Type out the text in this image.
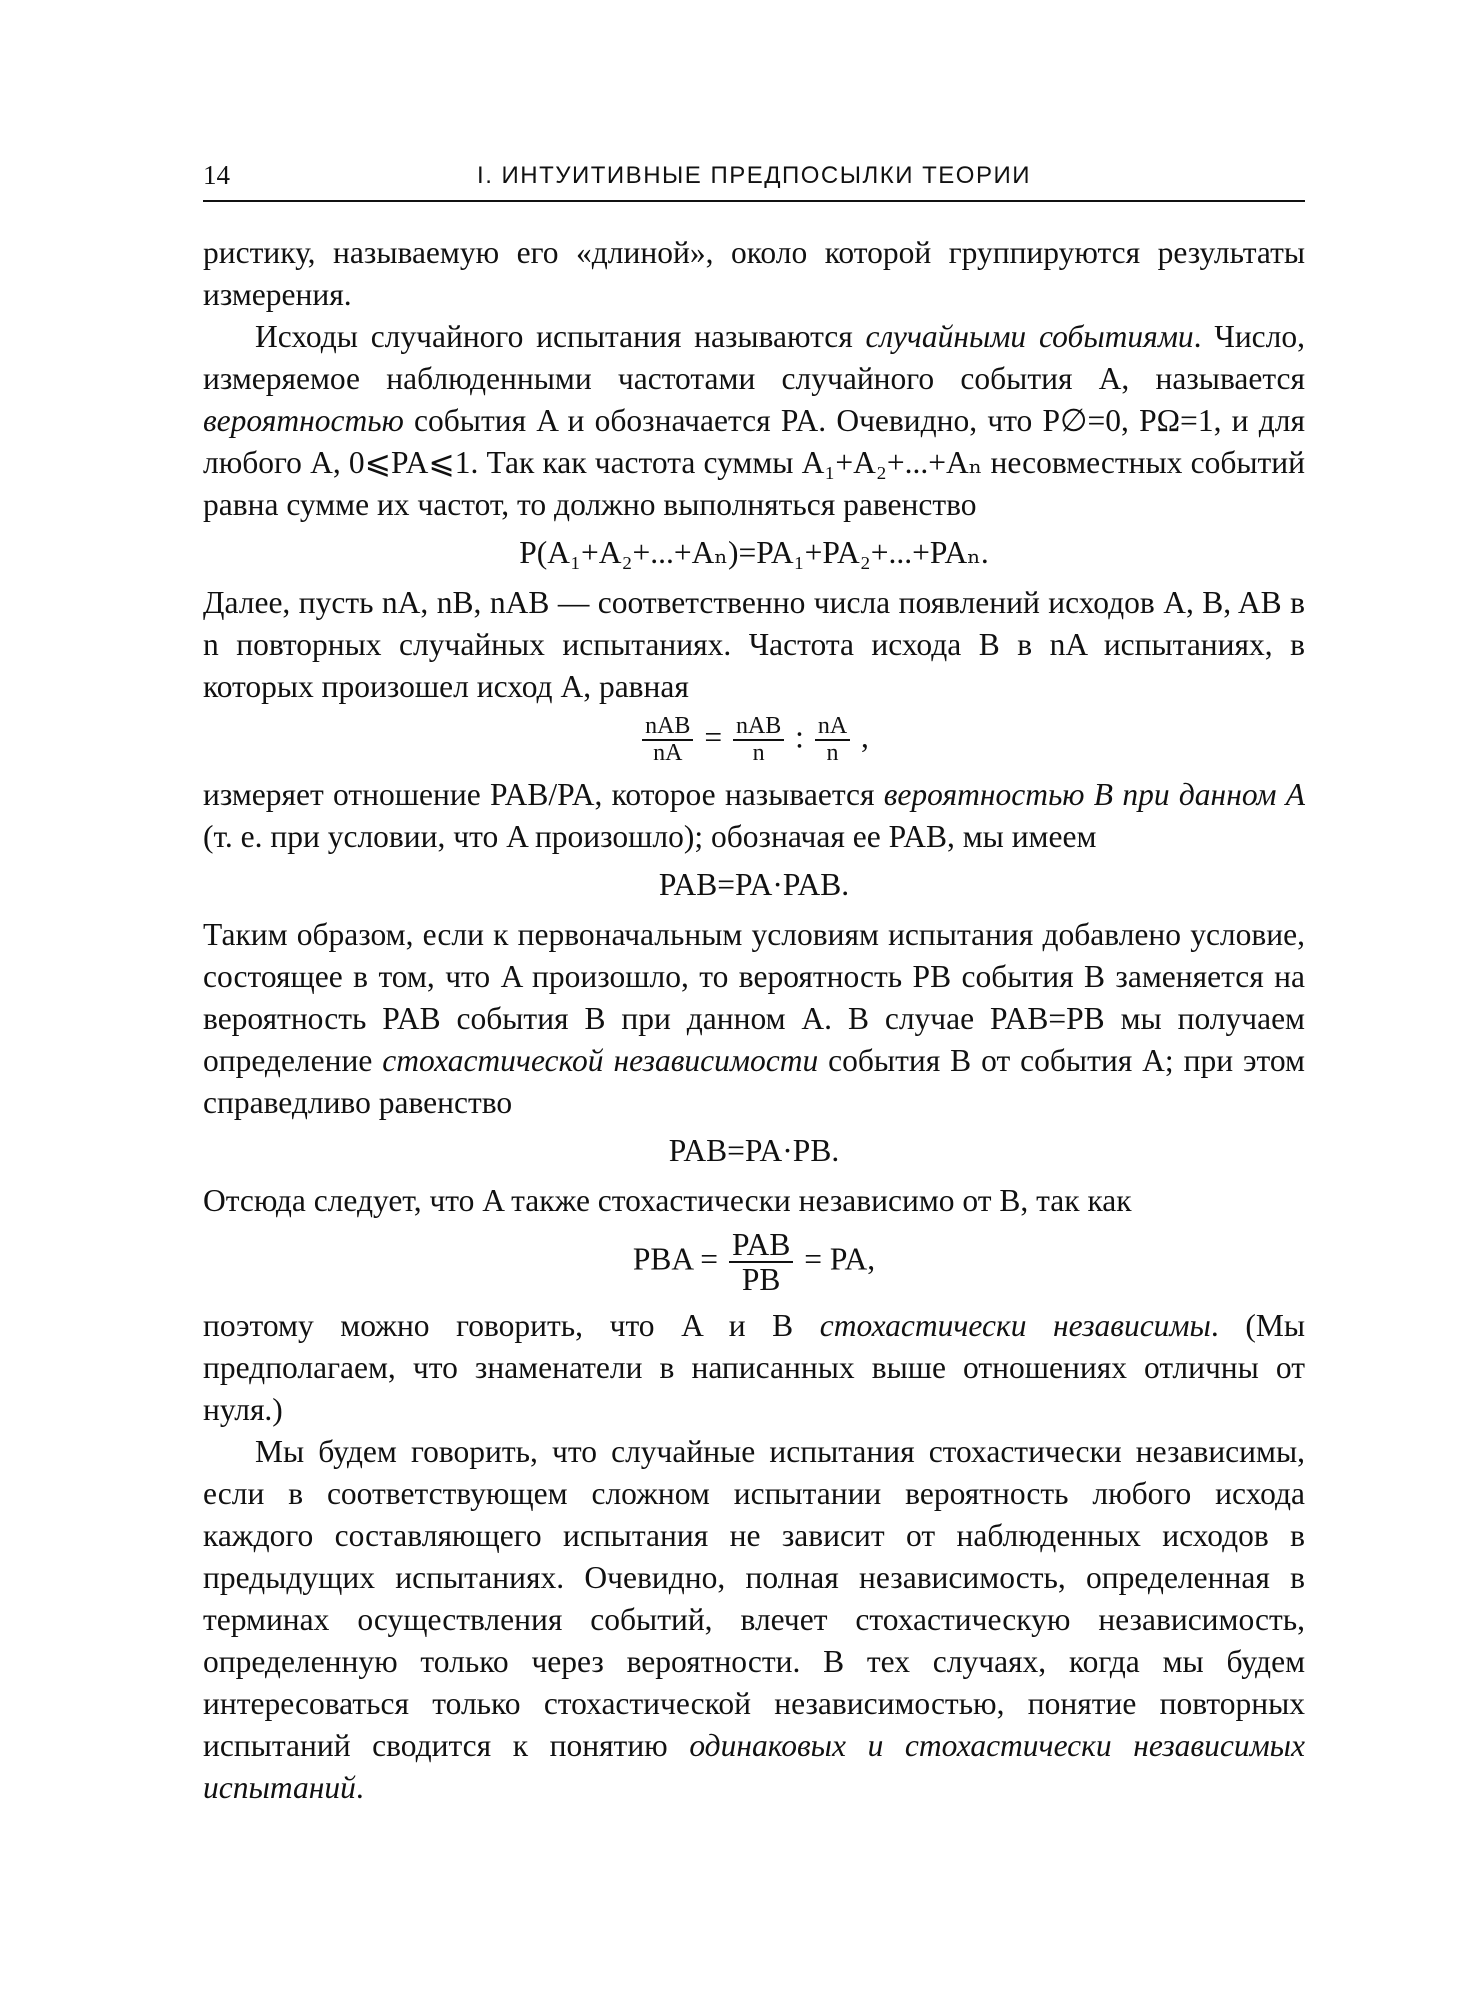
14	I. ИНТУИТИВНЫЕ ПРЕДПОСЫЛКИ ТЕОРИИ

ристику, называемую его «длиной», около которой группируются результаты измерения.

Исходы случайного испытания называются случайными событиями. Число, измеряемое наблюденными частотами случайного события A, называется вероятностью события A и обозначается PA. Очевидно, что P∅=0, PΩ=1, и для любого A, 0⩽PA⩽1. Так как частота суммы A₁+A₂+...+Aₙ несовместных событий равна сумме их частот, то должно выполняться равенство

P(A₁+A₂+...+Aₙ)=PA₁+PA₂+...+PAₙ.

Далее, пусть nA, nB, nAB — соответственно числа появлений исходов A, B, AB в n повторных случайных испытаниях. Частота исхода B в nA испытаниях, в которых произошел исход A, равная

$\frac{\text{nAB}}{nA} = \frac{\text{nAB}}{n}$ : $\frac{nA}{n}$ ,

измеряет отношение PAB/PA, которое называется вероятностью B при данном A (т. е. при условии, что A произошло); обозначая ее PAB, мы имеем

PAB=PA·PAB.

Таким образом, если к первоначальным условиям испытания добавлено условие, состоящее в том, что A произошло, то вероятность PB события B заменяется на вероятность PAB события B при данном A. В случае PAB=PB мы получаем определение стохастической независимости события B от события A; при этом справедливо равенство

PAB=PA·PB.

Отсюда следует, что A также стохастически независимо от B, так как

PBA = $\frac{\text{PAB}}{PB}$ = PA,

поэтому можно говорить, что A и B стохастически независимы. (Мы предполагаем, что знаменатели в написанных выше отношениях отличны от нуля.)

Мы будем говорить, что случайные испытания стохастически независимы, если в соответствующем сложном испытании вероятность любого исхода каждого составляющего испытания не зависит от наблюденных исходов в предыдущих испытаниях. Очевидно, полная независимость, определенная в терминах осуществления событий, влечет стохастическую независимость, определенную только через вероятности. В тех случаях, когда мы будем интересоваться только стохастической независимостью, понятие повторных испытаний сводится к понятию одинаковых и стохастически независимых испытаний.
